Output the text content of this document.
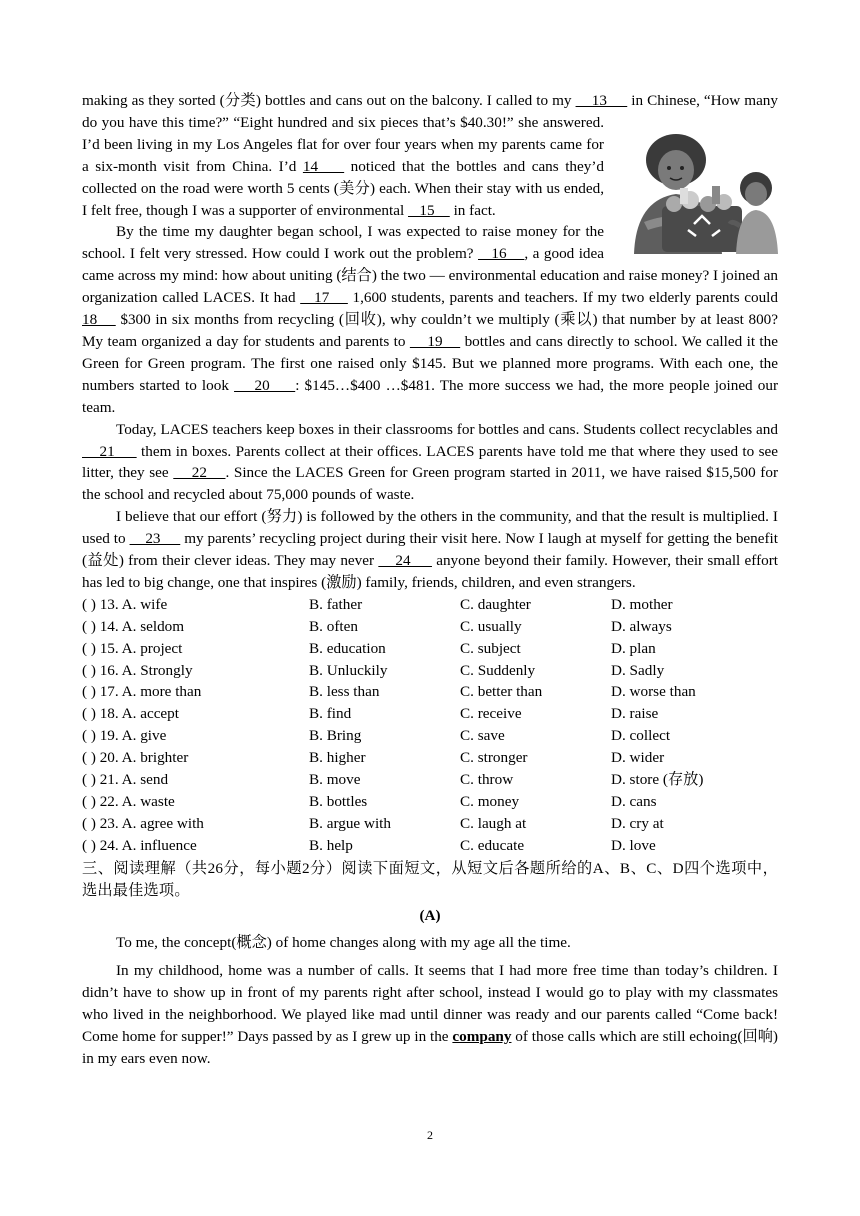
making as they sorted (分类) bottles and cans out on the balcony. I called to my     13
in Chinese, “How many do you have this time?” “Eight hundred and six pieces that’s $40.30!” she answered. I’d been living in my Los Angeles flat for over four years when my parents came for a six-month visit from China. I’d 14     noticed that the bottles and cans they’d collected on the road were worth 5 cents (美分) each. When their stay with us ended, I felt free, though I was a supporter of environmental    15     in fact.

By the time my daughter began school, I was expected to raise money for the school. I felt very stressed. How could I work out the problem?    16    , a good idea came across my mind: how about uniting (结合) the two — environmental education and raise money? I joined an organization called LACES. It had    17     1,600 students, parents and teachers. If my two elderly parents could 18     $300 in six months from recycling (回收), why couldn’t we multiply (乘以) that number by at least 800? My team organized a day for students and parents to     19     bottles and cans directly to school. We called it the Green for Green program. The first one raised only $145. But we planned more programs. With each one, the numbers started to look     20     : $145…$400 …$481. The more success we had, the more people joined our team.

Today, LACES teachers keep boxes in their classrooms for bottles and cans. Students collect recyclables and     21      them in boxes. Parents collect at their offices. LACES parents have told me that where they used to see litter, they see     22    . Since the LACES Green for Green program started in 2011, we have raised $15,500 for the school and recycled about 75,000 pounds of waste.

I believe that our effort (努力) is followed by the others in the community, and that the result is multiplied. I used to     23      my parents’ recycling project during their visit here. Now I laugh at myself for getting the benefit (益处) from their clever ideas. They may never     24      anyone beyond their family. However, their small effort has led to big change, one that inspires (激励) family, friends, children, and even strangers.

( ) 13. A. wife	B. father	C. daughter	D. mother
( ) 14. A. seldom	B. often	C. usually	D. always
( ) 15. A. project	B. education	C. subject	D. plan
( ) 16. A. Strongly	B. Unluckily	C. Suddenly	D. Sadly
( ) 17. A. more than	B. less than	C. better than	D. worse than
( ) 18. A. accept	B. find	C. receive	D. raise
( ) 19. A. give	B. Bring	C. save	D. collect
( ) 20. A. brighter	B. higher	C. stronger	D. wider
( ) 21. A. send	B. move	C. throw	D. store (存放)
( ) 22. A. waste	B. bottles	C. money	D. cans
( ) 23. A. agree with	B. argue with	C. laugh at	D. cry at
( ) 24. A. influence	B. help	C. educate	D. love

三、阅读理解（共26分，每小题2分）阅读下面短文，从短文后各题所给的A、B、C、D四个选项中，选出最佳选项。

(A)

To me, the concept(概念) of home changes along with my age all the time.

In my childhood, home was a number of calls. It seems that I had more free time than today’s children. I didn’t have to show up in front of my parents right after school, instead I would go to play with my classmates who lived in the neighborhood. We played like mad until dinner was ready and our parents called “Come back! Come home for supper!” Days passed by as I grew up in the company of those calls which are still echoing(回响) in my ears even now.

2
